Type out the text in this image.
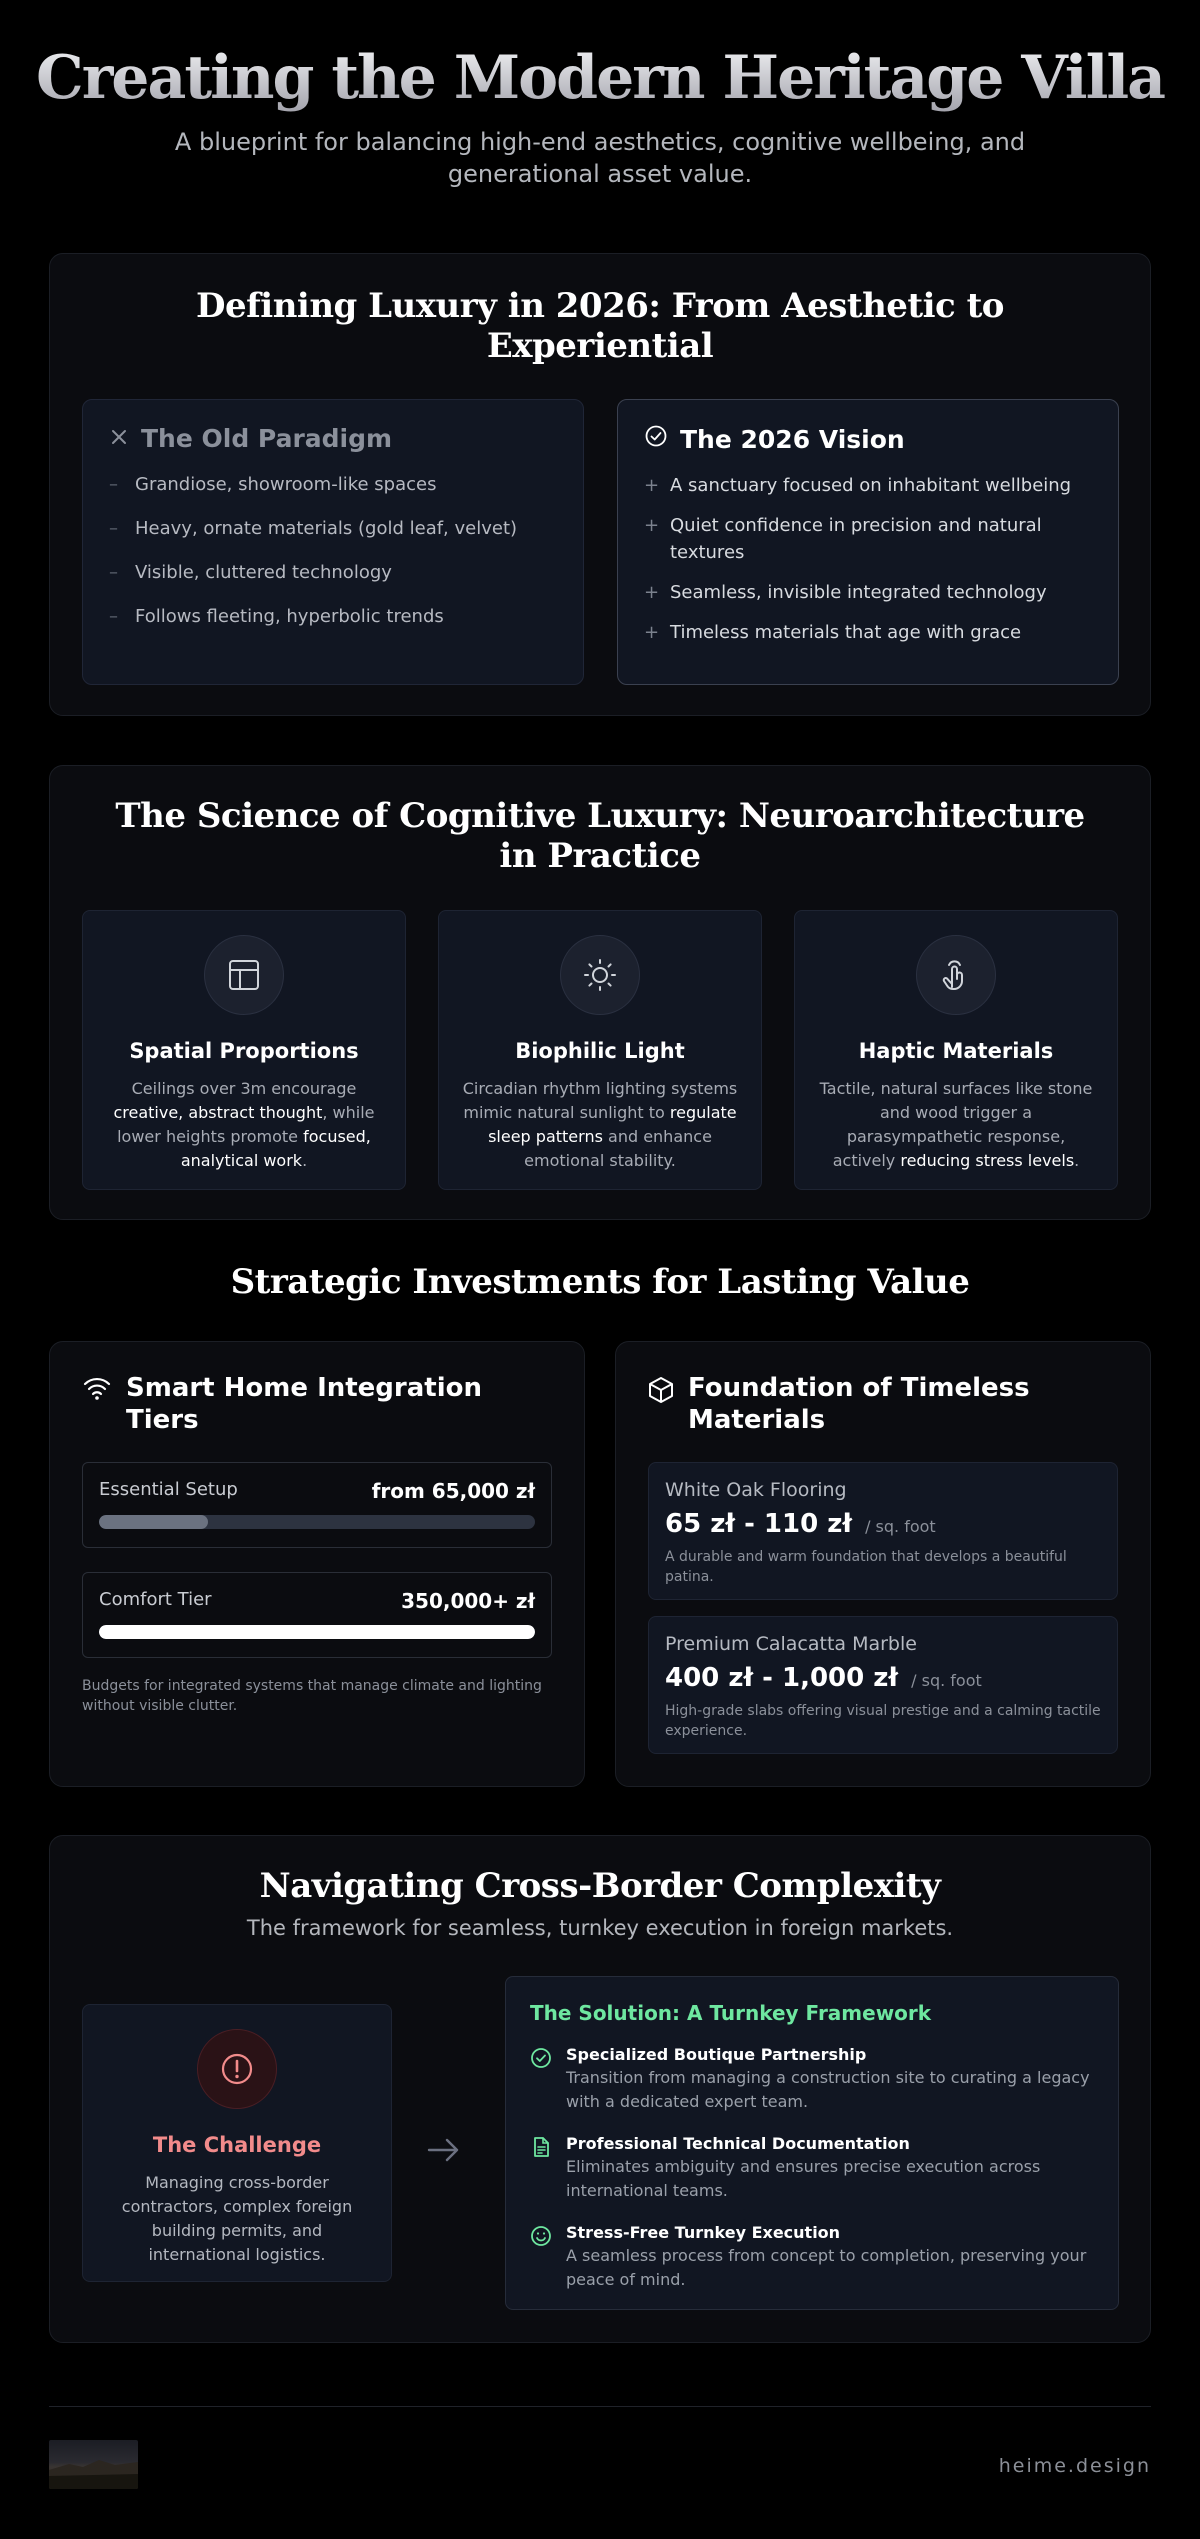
Creating the Modern Heritage Villa

A blueprint for balancing high-end aesthetics, cognitive wellbeing, and generational asset value.

Defining Luxury in 2026: From Aesthetic to Experiential
The Old Paradigm
– Grandiose, showroom-like spaces
– Heavy, ornate materials (gold leaf, velvet)
– Visible, cluttered technology
– Follows fleeting, hyperbolic trends
The 2026 Vision
+ A sanctuary focused on inhabitant wellbeing
+ Quiet confidence in precision and natural textures
+ Seamless, invisible integrated technology
+ Timeless materials that age with grace
The Science of Cognitive Luxury: Neuroarchitecture in Practice
Spatial Proportions

Ceilings over 3m encourage creative, abstract thought, while lower heights promote focused, analytical work.

Biophilic Light

Circadian rhythm lighting systems mimic natural sunlight to regulate sleep patterns and enhance emotional stability.

Haptic Materials

Tactile, natural surfaces like stone and wood trigger a parasympathetic response, actively reducing stress levels.

Strategic Investments for Lasting Value
Smart Home Integration Tiers
Essential Setup	from 65,000 zł
Comfort Tier	350,000+ zł

Budgets for integrated systems that manage climate and lighting without visible clutter.

Foundation of Timeless Materials
White Oak Flooring
65 zł - 110 zł / sq. foot
A durable and warm foundation that develops a beautiful patina.
Premium Calacatta Marble
400 zł - 1,000 zł / sq. foot
High-grade slabs offering visual prestige and a calming tactile experience.
Navigating Cross-Border Complexity

The framework for seamless, turnkey execution in foreign markets.

The Challenge

Managing cross-border contractors, complex foreign building permits, and international logistics.

The Solution: A Turnkey Framework
Specialized Boutique Partnership
Transition from managing a construction site to curating a legacy with a dedicated expert team.
Professional Technical Documentation
Eliminates ambiguity and ensures precise execution across international teams.
Stress-Free Turnkey Execution
A seamless process from concept to completion, preserving your peace of mind.
heime.design
